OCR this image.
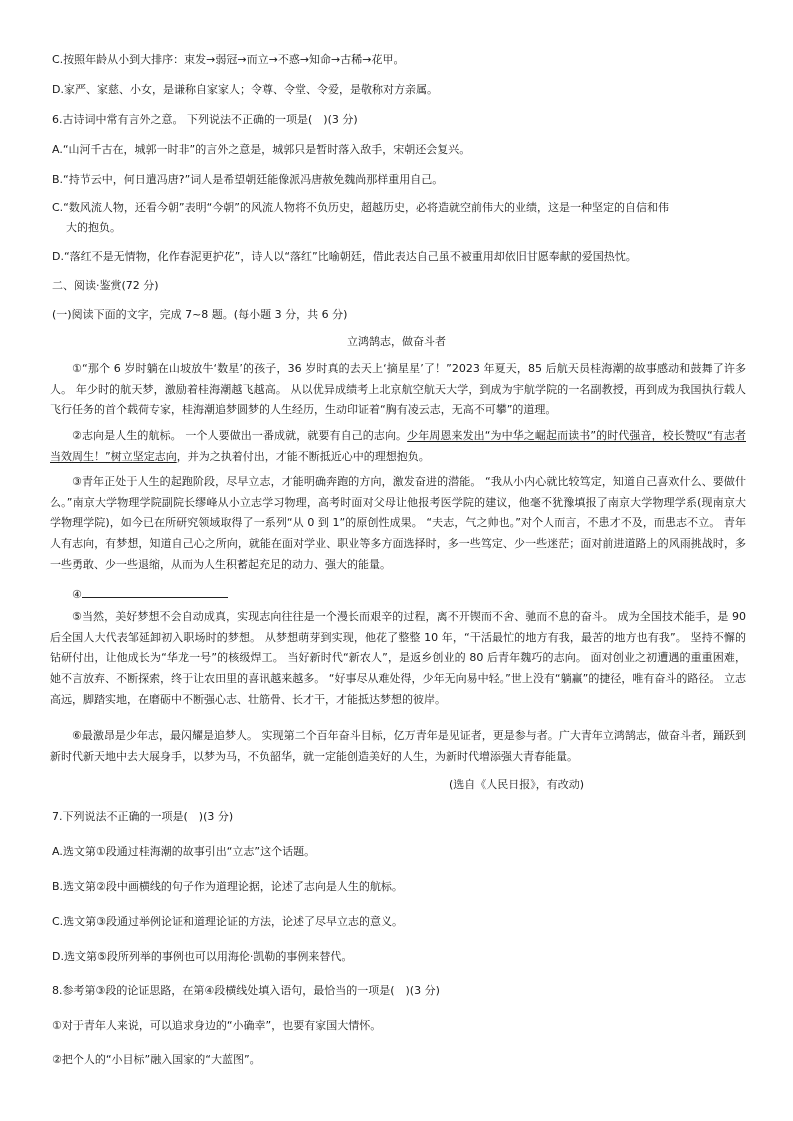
C.按照年龄从小到大排序：束发→弱冠→而立→不惑→知命→古稀→花甲。
D.家严、家慈、小女，是谦称自家家人；令尊、令堂、令爱，是敬称对方亲属。
6.古诗词中常有言外之意。 下列说法不正确的一项是(　)(3 分)
A.“山河千古在，城郭一时非”的言外之意是，城郭只是暂时落入敌手，宋朝还会复兴。
B.“持节云中，何日遣冯唐?”词人是希望朝廷能像派冯唐赦免魏尚那样重用自己。
C.“数风流人物，还看今朝”表明“今朝”的风流人物将不负历史，超越历史，必将造就空前伟大的业绩，这是一种坚定的自信和伟
大的抱负。
D.“落红不是无情物，化作春泥更护花”，诗人以“落红”比喻朝廷，借此表达自己虽不被重用却依旧甘愿奉献的爱国热忱。
二、阅读·鉴赏(72 分)
(一)阅读下面的文字，完成 7~8 题。(每小题 3 分，共 6 分)
立鸿鹄志，做奋斗者
①“那个 6 岁时躺在山坡放牛‘数星’的孩子，36 岁时真的去天上‘摘星星’了！”2023 年夏天，85 后航天员桂海潮的故事感动和鼓舞了许多人。 年少时的航天梦，激励着桂海潮越飞越高。 从以优异成绩考上北京航空航天大学，到成为宇航学院的一名副教授，再到成为我国执行载人飞行任务的首个载荷专家，桂海潮追梦圆梦的人生经历，生动印证着“胸有凌云志，无高不可攀”的道理。
②志向是人生的航标。 一个人要做出一番成就，就要有自己的志向。少年周恩来发出“为中华之崛起而读书”的时代强音，校长赞叹“有志者当效周生！”树立坚定志向，并为之执着付出，才能不断抵近心中的理想抱负。
③青年正处于人生的起跑阶段，尽早立志，才能明确奔跑的方向，激发奋进的潜能。 “我从小内心就比较笃定，知道自己喜欢什么、要做什么。”南京大学物理学院副院长缪峰从小立志学习物理，高考时面对父母让他报考医学院的建议，他毫不犹豫填报了南京大学物理学系(现南京大学物理学院)，如今已在所研究领域取得了一系列“从 0 到 1”的原创性成果。 “夫志，气之帅也。”对个人而言，不患才不及，而患志不立。 青年人有志向，有梦想，知道自己心之所向，就能在面对学业、职业等多方面选择时，多一些笃定、少一些迷茫；面对前进道路上的风雨挑战时，多一些勇敢、少一些退缩，从而为人生积蓄起充足的动力、强大的能量。
④
⑤当然，美好梦想不会自动成真，实现志向往往是一个漫长而艰辛的过程，离不开锲而不舍、驰而不息的奋斗。 成为全国技术能手，是 90 后全国人大代表邹延卸初入职场时的梦想。 从梦想萌芽到实现，他花了整整 10 年，“干活最忙的地方有我，最苦的地方也有我”。 坚持不懈的钻研付出，让他成长为“华龙一号”的核级焊工。 当好新时代“新农人”，是返乡创业的 80 后青年魏巧的志向。 面对创业之初遭遇的重重困难，她不言放弃、不断探索，终于让农田里的喜讯越来越多。 “好事尽从难处得，少年无向易中轻。”世上没有“躺赢”的捷径，唯有奋斗的路径。 立志高远，脚踏实地，在磨砺中不断强心志、壮筋骨、长才干，才能抵达梦想的彼岸。
⑥最激昂是少年志，最闪耀是追梦人。 实现第二个百年奋斗目标，亿万青年是见证者，更是参与者。广大青年立鸿鹄志，做奋斗者，踊跃到新时代新天地中去大展身手，以梦为马，不负韶华，就一定能创造美好的人生，为新时代增添强大青春能量。
(选自《人民日报》，有改动)
7.下列说法不正确的一项是(　)(3 分)
A.选文第①段通过桂海潮的故事引出“立志”这个话题。
B.选文第②段中画横线的句子作为道理论据，论述了志向是人生的航标。
C.选文第③段通过举例论证和道理论证的方法，论述了尽早立志的意义。
D.选文第⑤段所列举的事例也可以用海伦·凯勒的事例来替代。
8.参考第③段的论证思路，在第④段横线处填入语句，最恰当的一项是(　)(3 分)
①对于青年人来说，可以追求身边的“小确幸”，也要有家国大情怀。
②把个人的“小目标”融入国家的“大蓝图”。
